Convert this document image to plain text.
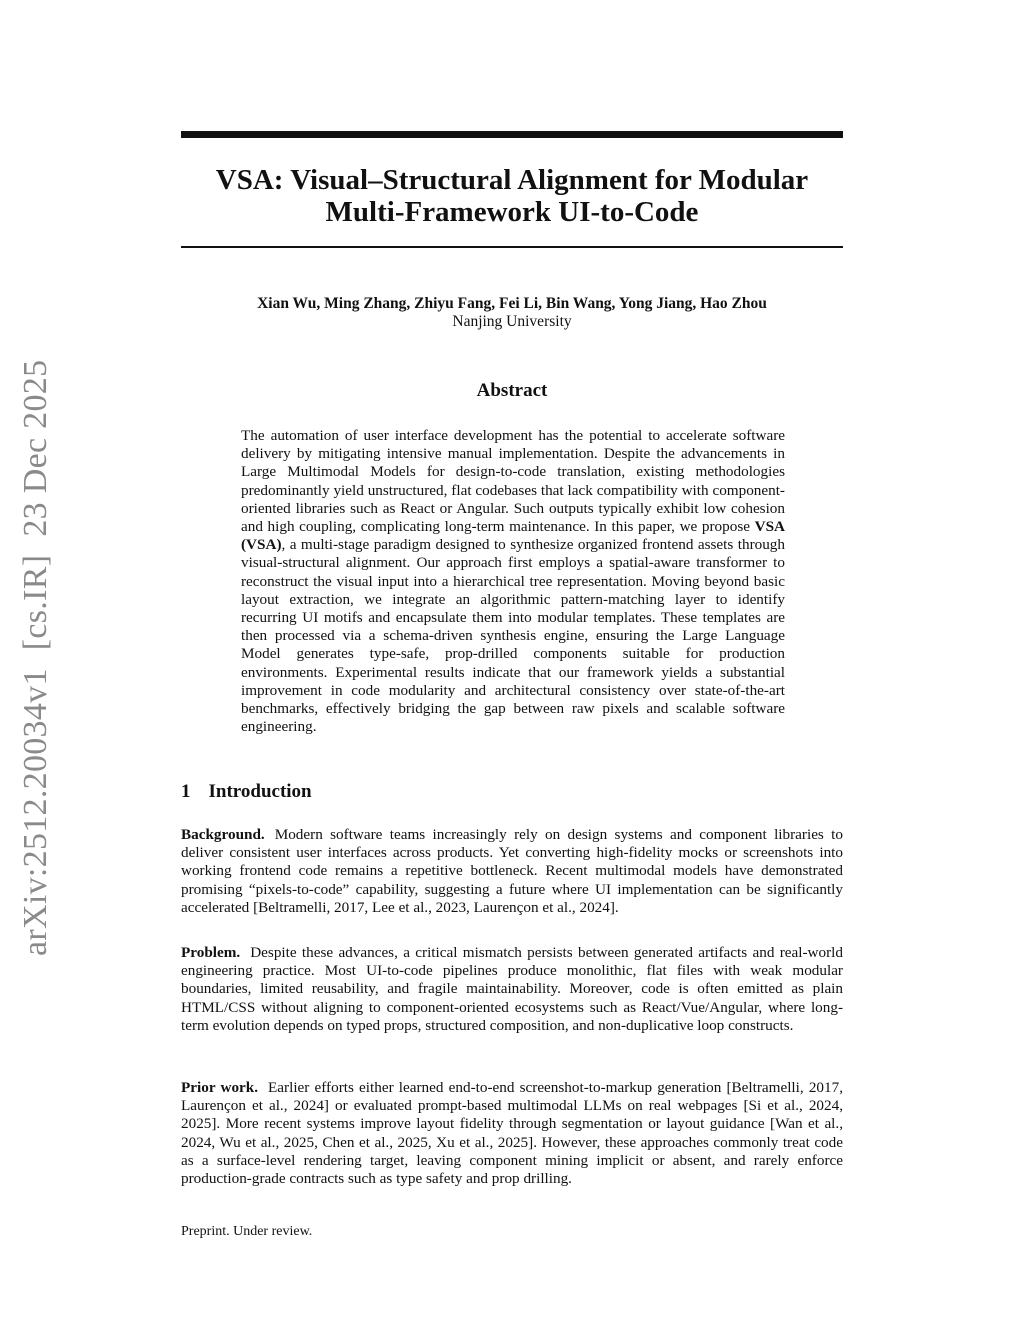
arXiv:2512.20034v1[cs.IR]23 Dec 2025
VSA: Visual–Structural Alignment for Modular
Multi-Framework UI-to-Code
Xian Wu, Ming Zhang, Zhiyu Fang, Fei Li, Bin Wang, Yong Jiang, Hao Zhou
Nanjing University
Abstract
The automation of user interface development has the potential to accelerate software delivery by mitigating intensive manual implementation. Despite the advancements in Large Multimodal Models for design-to-code translation, existing methodologies predominantly yield unstructured, flat codebases that lack compatibility with component-oriented libraries such as React or Angular. Such outputs typically exhibit low cohesion and high coupling, complicating long-term maintenance. In this paper, we propose VSA (VSA), a multi-stage paradigm designed to synthesize organized frontend assets through visual-structural alignment. Our approach first employs a spatial-aware transformer to reconstruct the visual input into a hierarchical tree representation. Moving beyond basic layout extraction, we integrate an algorithmic pattern-matching layer to identify recurring UI motifs and encapsulate them into modular templates. These templates are then processed via a schema-driven synthesis engine, ensuring the Large Language Model generates type-safe, prop-drilled components suitable for production environments. Experimental results indicate that our framework yields a substantial improvement in code modularity and architectural consistency over state-of-the-art benchmarks, effectively bridging the gap between raw pixels and scalable software engineering.
1 Introduction
Background. Modern software teams increasingly rely on design systems and component libraries to deliver consistent user interfaces across products. Yet converting high-fidelity mocks or screenshots into working frontend code remains a repetitive bottleneck. Recent multimodal models have demonstrated promising “pixels-to-code” capability, suggesting a future where UI implementation can be significantly accelerated [Beltramelli, 2017, Lee et al., 2023, Laurençon et al., 2024].
Problem. Despite these advances, a critical mismatch persists between generated artifacts and real-world engineering practice. Most UI-to-code pipelines produce monolithic, flat files with weak modular boundaries, limited reusability, and fragile maintainability. Moreover, code is often emitted as plain HTML/CSS without aligning to component-oriented ecosystems such as React/Vue/Angular, where long-term evolution depends on typed props, structured composition, and non-duplicative loop constructs.
Prior work. Earlier efforts either learned end-to-end screenshot-to-markup generation [Beltramelli, 2017, Laurençon et al., 2024] or evaluated prompt-based multimodal LLMs on real webpages [Si et al., 2024, 2025]. More recent systems improve layout fidelity through segmentation or layout guidance [Wan et al., 2024, Wu et al., 2025, Chen et al., 2025, Xu et al., 2025]. However, these approaches commonly treat code as a surface-level rendering target, leaving component mining implicit or absent, and rarely enforce production-grade contracts such as type safety and prop drilling.
Preprint. Under review.
